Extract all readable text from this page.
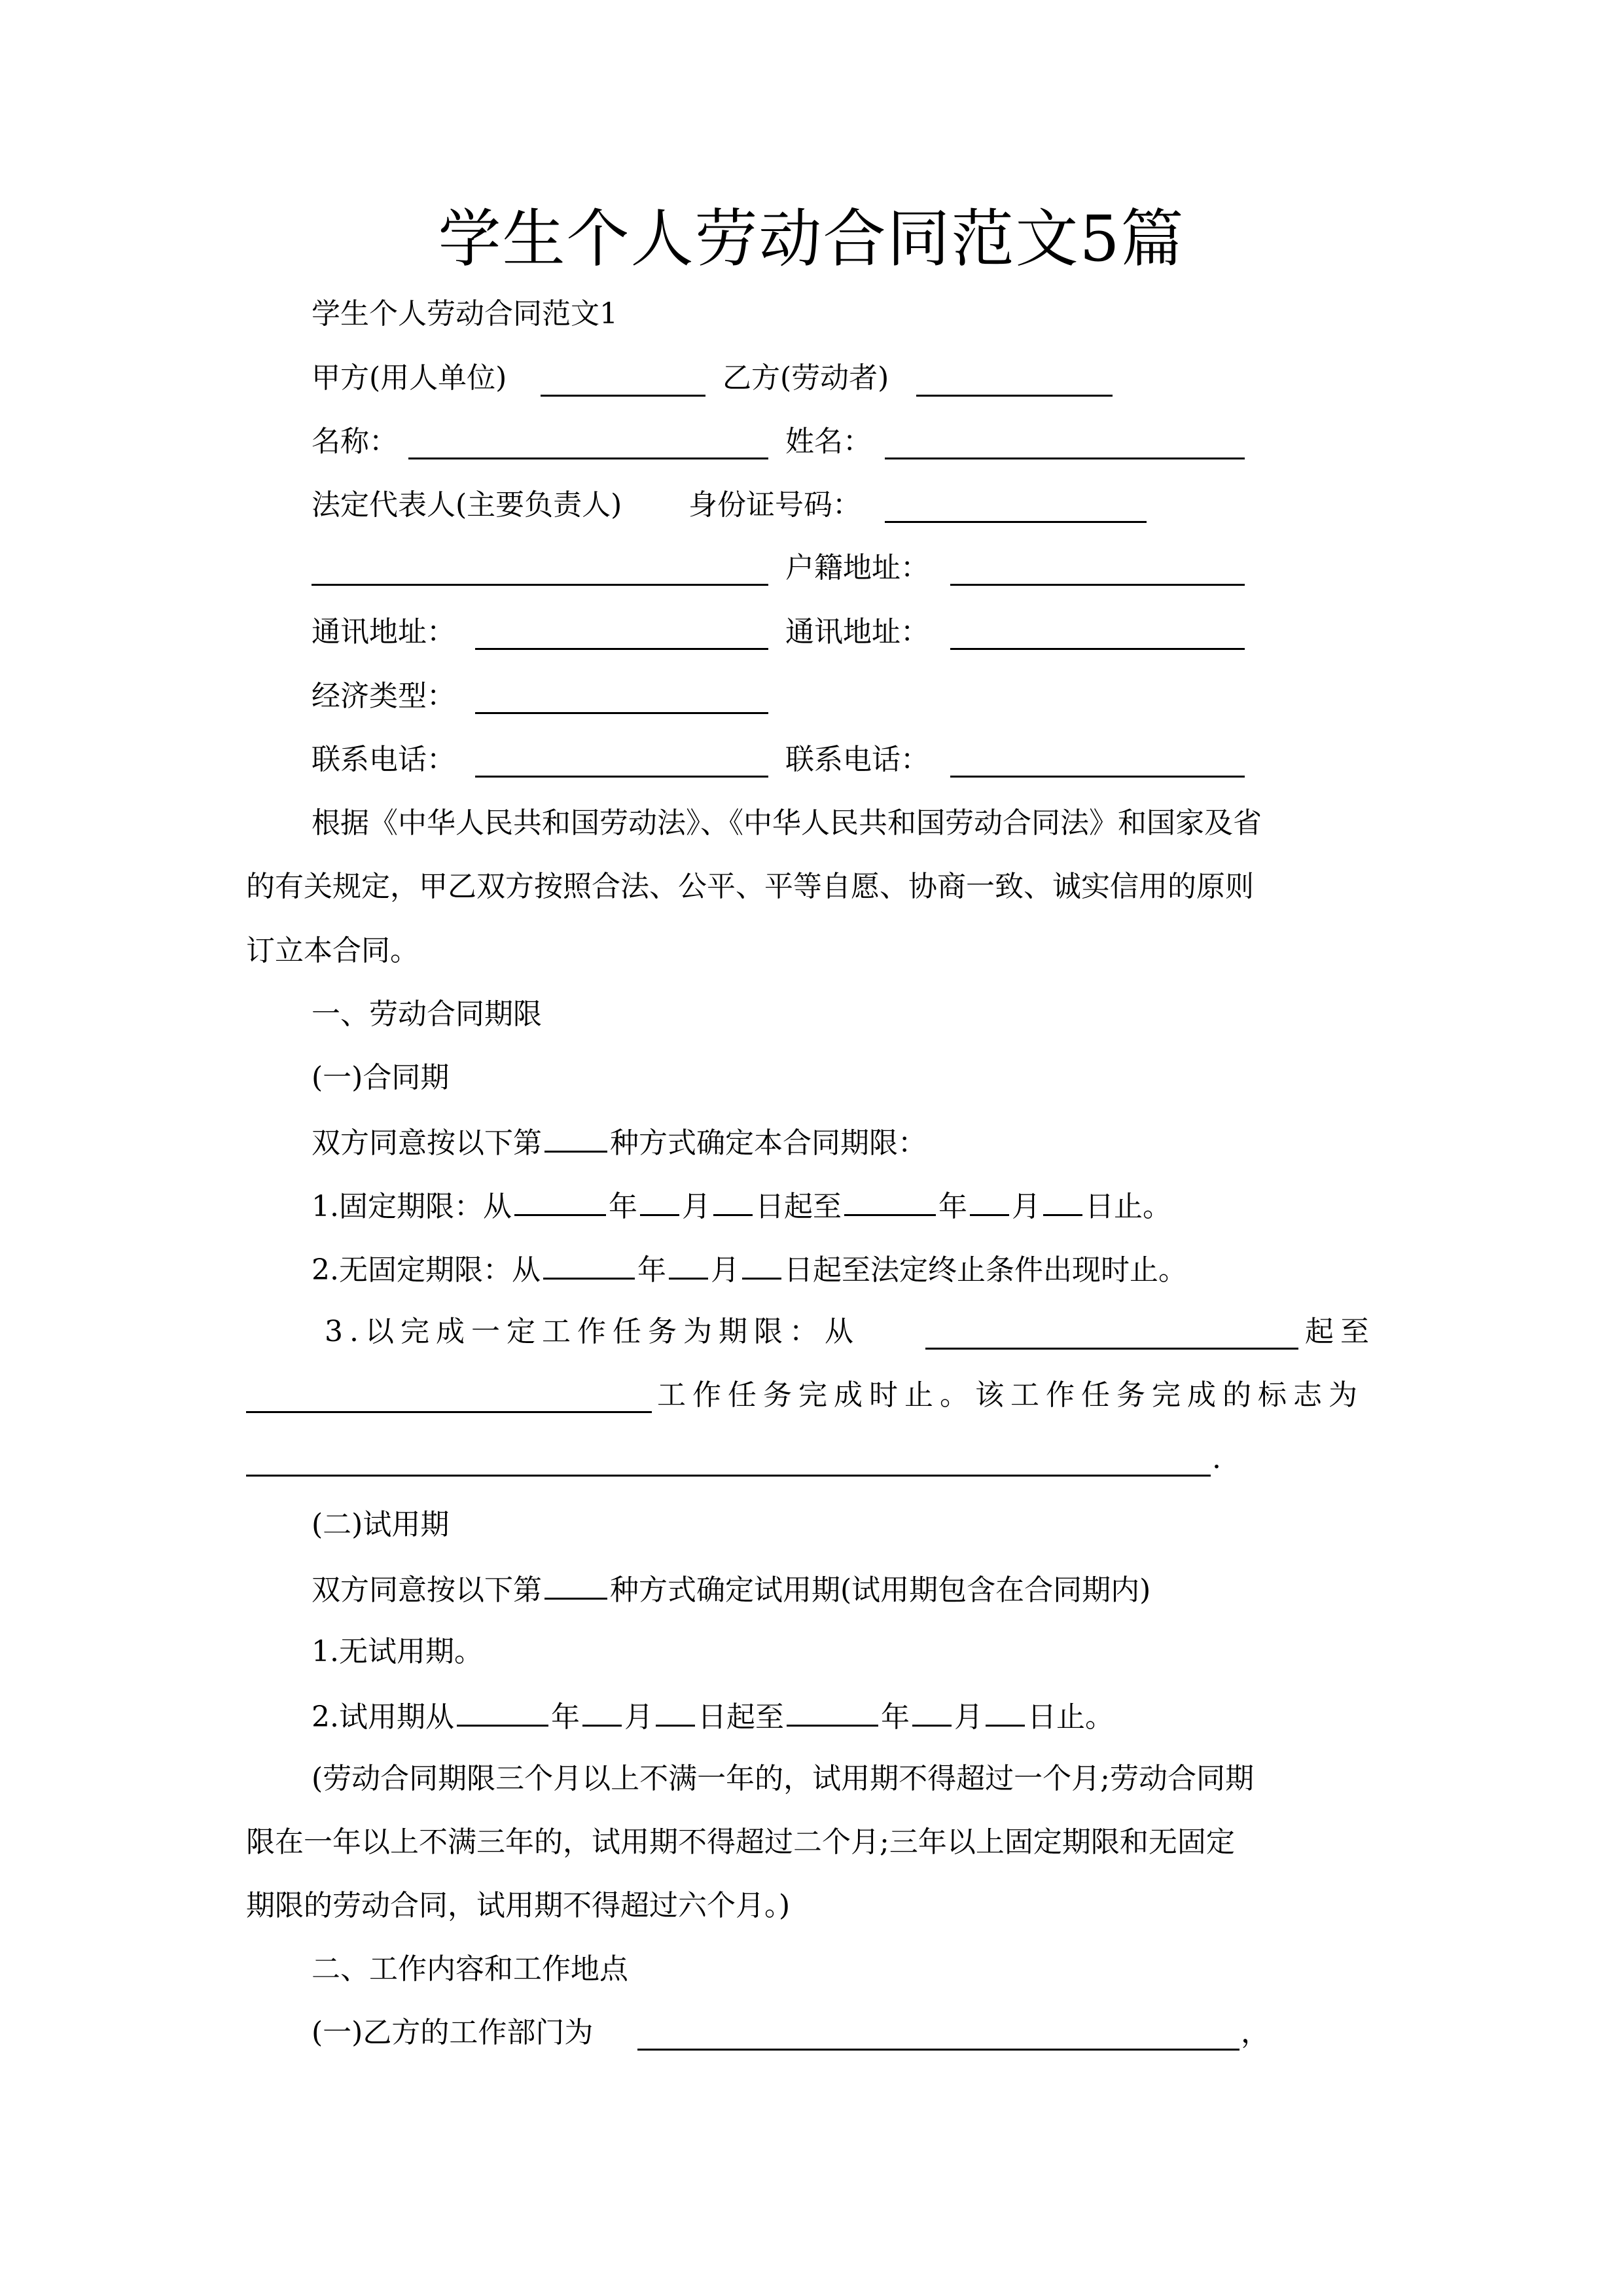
学生个人劳动合同范文5篇
学生个人劳动合同范文1
甲方(用人单位)	乙方(劳动者)
名称：	姓名：
法定代表人(主要负责人) 身份证号码：
户籍地址：
通讯地址：	通讯地址：
经济类型：
联系电话：	联系电话：
根据《中华人民共和国劳动法》、《中华人民共和国劳动合同法》和国家及省
的有关规定，甲乙双方按照合法、公平、平等自愿、协商一致、诚实信用的原则
订立本合同。
一、劳动合同期限
(一)合同期
双方同意按以下第 种方式确定本合同期限：
1.固定期限：从	年 月 日起至	年 月 日止。
2.无固定期限：从	年 月 日起至法定终止条件出现时止。
3.以完成一定工作任务为期限：从	起至
工作任务完成时止。该工作任务完成的标志为
.
(二)试用期
双方同意按以下第 种方式确定试用期(试用期包含在合同期内)
1.无试用期。
2.试用期从	年 月 日起至	年 月 日止。
(劳动合同期限三个月以上不满一年的，试用期不得超过一个月;劳动合同期
限在一年以上不满三年的，试用期不得超过二个月;三年以上固定期限和无固定
期限的劳动合同，试用期不得超过六个月。)
二、工作内容和工作地点
(一)乙方的工作部门为	，
